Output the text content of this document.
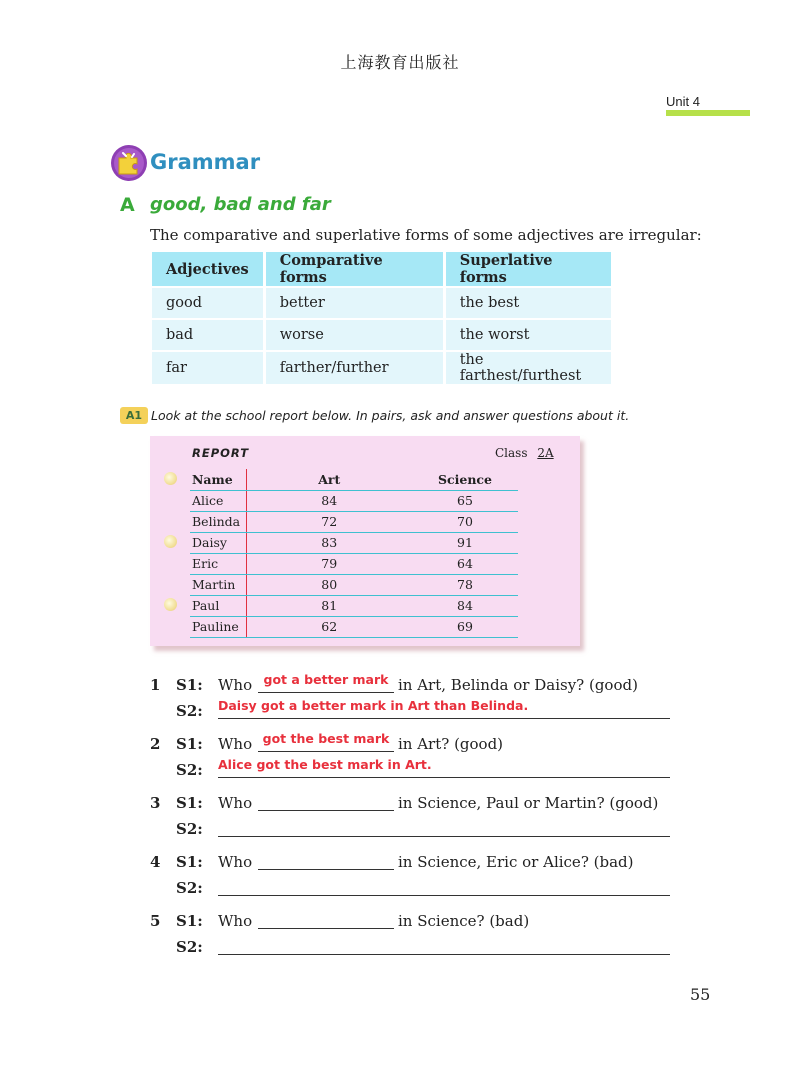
上海教育出版社
Unit 4
Grammar
A good, bad and far
The comparative and superlative forms of some adjectives are irregular:
Adjectives	Comparative forms	Superlative forms
good	better	the best
bad	worse	the worst
far	farther/further	the farthest/furthest
A1 Look at the school report below. In pairs, ask and answer questions about it.
REPORT	Class 2A
Name	Art	Science
Alice	84	65
Belinda	72	70
Daisy	83	91
Eric	79	64
Martin	80	78
Paul	81	84
Pauline	62	69
1 S1: Who got a better mark in Art, Belinda or Daisy? (good)
S2: Daisy got a better mark in Art than Belinda.
2 S1: Who got the best mark in Art? (good)
S2: Alice got the best mark in Art.
3 S1: Who	in Science, Paul or Martin? (good)
S2:
4 S1: Who	in Science, Eric or Alice? (bad)
S2:
5 S1: Who	in Science? (bad)
S2:
55
